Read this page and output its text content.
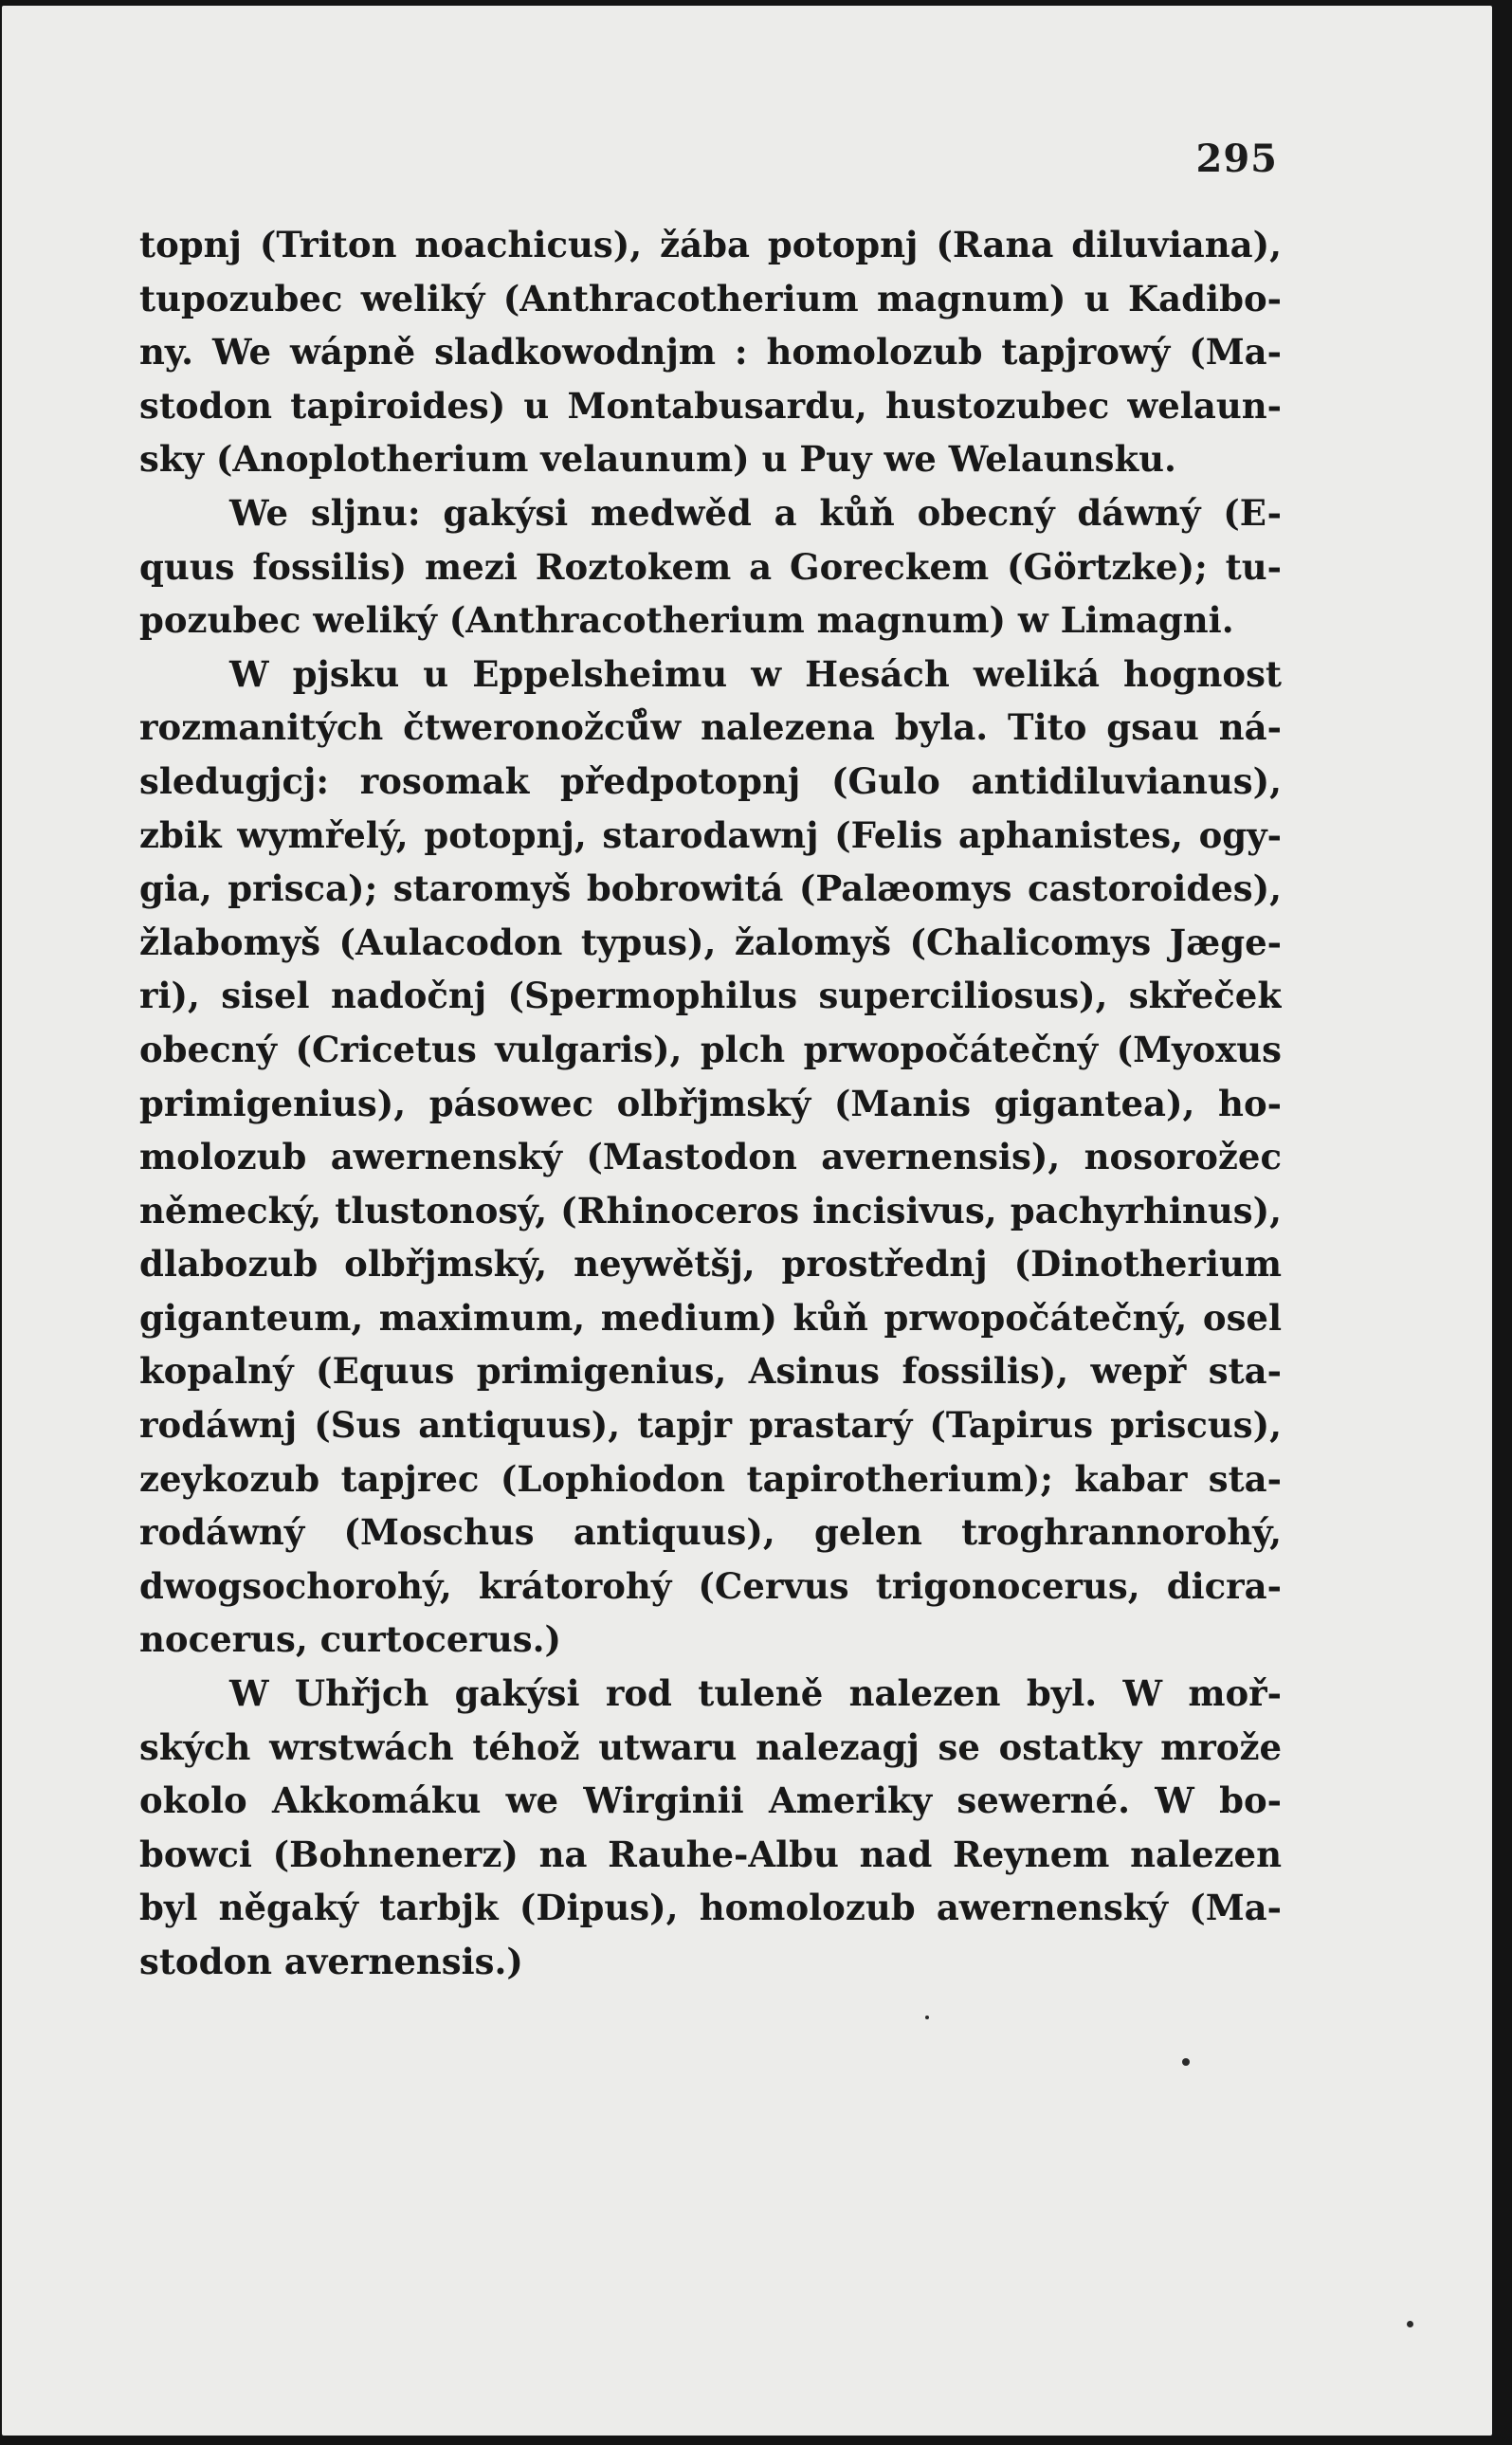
295
topnj (Triton noachicus), žába potopnj (Rana diluviana),
tupozubec weliký (Anthracotherium magnum) u Kadibo-
ny. We wápně sladkowodnjm : homolozub tapjrowý (Ma-
stodon tapiroides) u Montabusardu, hustozubec welaun-
sky (Anoplotherium velaunum) u Puy we Welaunsku.
We sljnu: gakýsi medwěd a kůň obecný dáwný (E-
quus fossilis) mezi Roztokem a Goreckem (Görtzke); tu-
pozubec weliký (Anthracotherium magnum) w Limagni.
W pjsku u Eppelsheimu w Hesách weliká hognost
rozmanitých čtweronožců̊w nalezena byla. Tito gsau ná-
sledugjcj: rosomak předpotopnj (Gulo antidiluvianus),
zbik wymřelý, potopnj, starodawnj (Felis aphanistes, ogy-
gia, prisca); staromyš bobrowitá (Palæomys castoroides),
žlabomyš (Aulacodon typus), žalomyš (Chalicomys Jæge-
ri), sisel nadočnj (Spermophilus superciliosus), skřeček
obecný (Cricetus vulgaris), plch prwopočátečný (Myoxus
primigenius), pásowec olbřjmský (Manis gigantea), ho-
molozub awernenský (Mastodon avernensis), nosorožec
německý, tlustonosý, (Rhinoceros incisivus, pachyrhinus),
dlabozub olbřjmský, neywětšj, prostřednj (Dinotherium
giganteum, maximum, medium) kůň prwopočátečný, osel
kopalný (Equus primigenius, Asinus fossilis), wepř sta-
rodáwnj (Sus antiquus), tapjr prastarý (Tapirus priscus),
zeykozub tapjrec (Lophiodon tapirotherium); kabar sta-
rodáwný (Moschus antiquus), gelen troghrannorohý,
dwogsochorohý, krátorohý (Cervus trigonocerus, dicra-
nocerus, curtocerus.)
W Uhřjch gakýsi rod tuleně nalezen byl. W moř-
ských wrstwách téhož utwaru nalezagj se ostatky mrože
okolo Akkomáku we Wirginii Ameriky sewerné. W bo-
bowci (Bohnenerz) na Rauhe-Albu nad Reynem nalezen
byl něgaký tarbjk (Dipus), homolozub awernenský (Ma-
stodon avernensis.)
